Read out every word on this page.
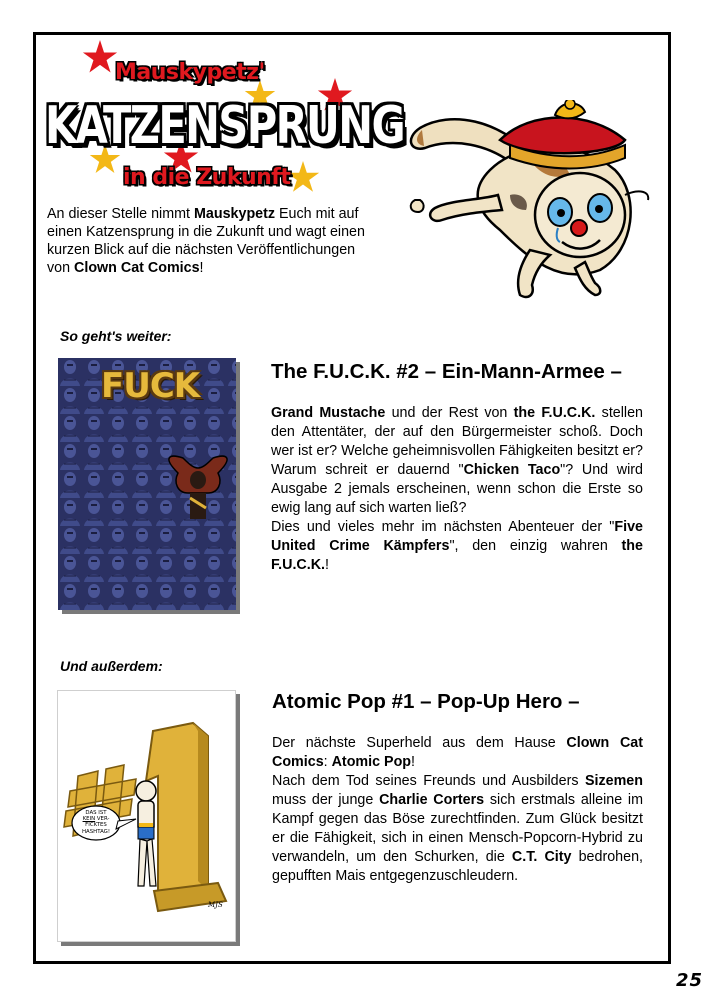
Mauskypetz'
KATZENSPRUNG
in die Zukunft
An dieser Stelle nimmt Mauskypetz Euch mit auf einen Katzensprung in die Zukunft und wagt einen kurzen Blick auf die nächsten Veröffentlichungen von Clown Cat Comics!
So geht's weiter:
FUCK	The F.U.C.K. #2 – Ein-Mann-Armee –

Grand Mustache und der Rest von the F.U.C.K. stellen den Attentäter, der auf den Bürgermeister schoß. Doch wer ist er? Welche geheimnisvollen Fähigkeiten besitzt er? Warum schreit er dauernd "Chicken Taco"? Und wird Ausgabe 2 jemals erscheinen, wenn schon die Erste so ewig lang auf sich warten ließ?

Dies und vieles mehr im nächsten Abenteuer der "Five United Crime Kämpfers", den einzig wahren the F.U.C.K.!

Und außerdem:
DAS IST
KEIN VER-
FICKTES
HASHTAG!
MJS
Atomic Pop #1 – Pop-Up Hero –

Der nächste Superheld aus dem Hause Clown Cat Comics: Atomic Pop!

Nach dem Tod seines Freunds und Ausbilders Sizemen muss der junge Charlie Corters sich erstmals alleine im Kampf gegen das Böse zurechtfinden. Zum Glück besitzt er die Fähigkeit, sich in einen Mensch-Popcorn-Hybrid zu verwandeln, um den Schurken, die C.T. City bedrohen, gepufften Mais entgegenzuschleudern.

25
